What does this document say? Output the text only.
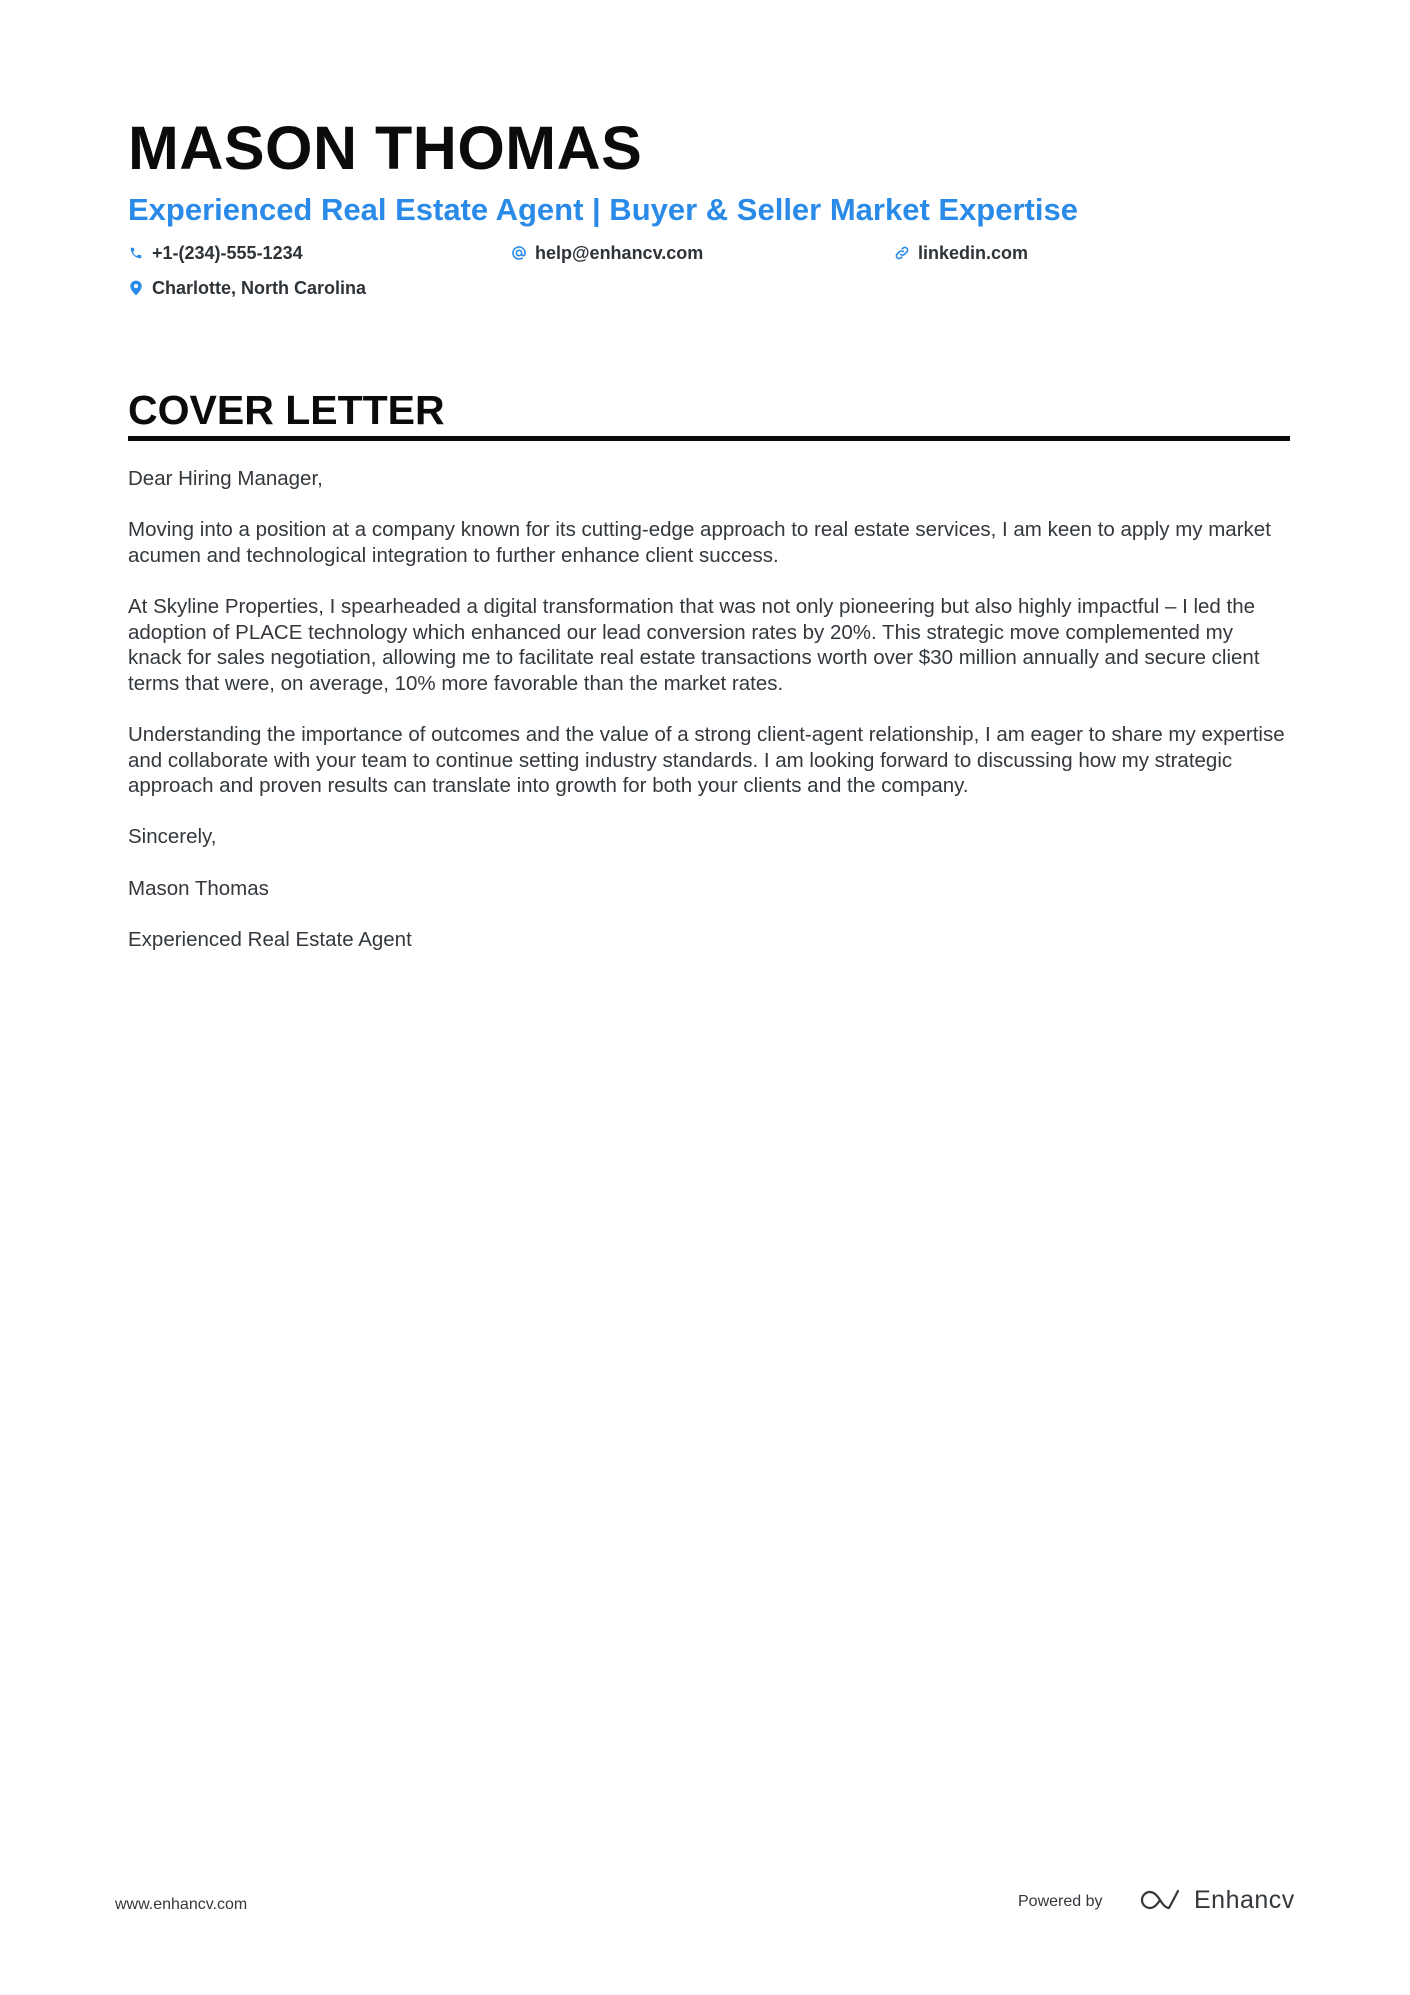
MASON THOMAS
Experienced Real Estate Agent | Buyer & Seller Market Expertise
+1-(234)-555-1234	help@enhancv.com	linkedin.com
Charlotte, North Carolina
COVER LETTER

Dear Hiring Manager,

Moving into a position at a company known for its cutting-edge approach to real estate services, I am keen to apply my market acumen and technological integration to further enhance client success.

At Skyline Properties, I spearheaded a digital transformation that was not only pioneering but also highly impactful – I led the adoption of PLACE technology which enhanced our lead conversion rates by 20%. This strategic move complemented my knack for sales negotiation, allowing me to facilitate real estate transactions worth over $30 million annually and secure client terms that were, on average, 10% more favorable than the market rates.

Understanding the importance of outcomes and the value of a strong client-agent relationship, I am eager to share my expertise and collaborate with your team to continue setting industry standards. I am looking forward to discussing how my strategic approach and proven results can translate into growth for both your clients and the company.

Sincerely,

Mason Thomas

Experienced Real Estate Agent

www.enhancv.com	Powered by	Enhancv
